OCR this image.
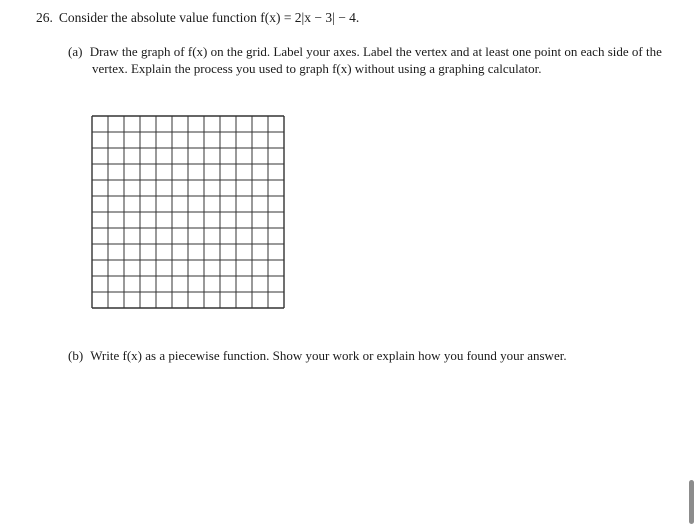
26. Consider the absolute value function f(x) = 2|x − 3| − 4.
(a) Draw the graph of f(x) on the grid. Label your axes. Label the vertex and at least one point on each side of the vertex. Explain the process you used to graph f(x) without using a graphing calculator.
(b) Write f(x) as a piecewise function. Show your work or explain how you found your answer.
